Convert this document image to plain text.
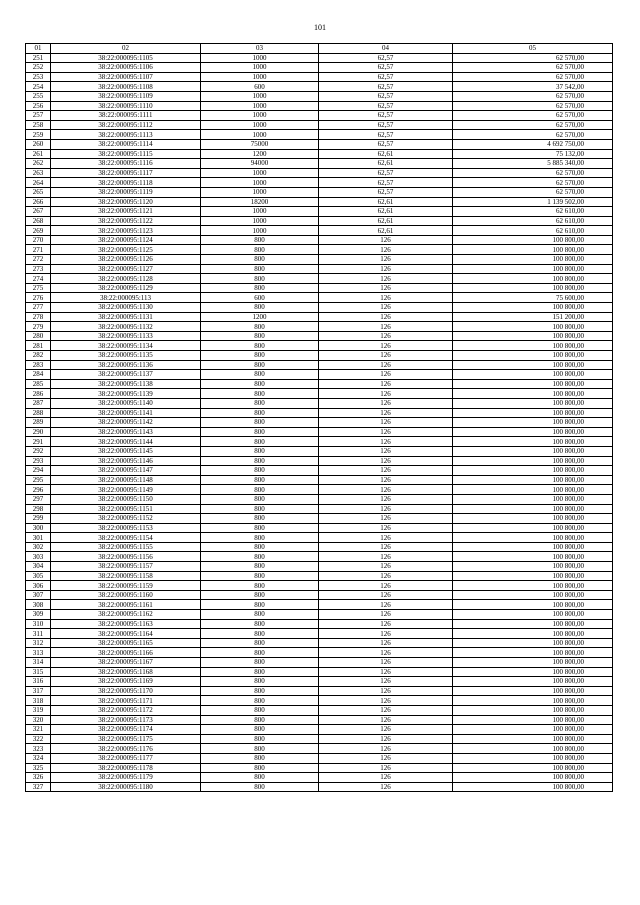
101
01	02	03	04	05
251	38:22:000095:1105	1000	62,57	62 570,00
252	38:22:000095:1106	1000	62,57	62 570,00
253	38:22:000095:1107	1000	62,57	62 570,00
254	38:22:000095:1108	600	62,57	37 542,00
255	38:22:000095:1109	1000	62,57	62 570,00
256	38:22:000095:1110	1000	62,57	62 570,00
257	38:22:000095:1111	1000	62,57	62 570,00
258	38:22:000095:1112	1000	62,57	62 570,00
259	38:22:000095:1113	1000	62,57	62 570,00
260	38:22:000095:1114	75000	62,57	4 692 750,00
261	38:22:000095:1115	1200	62,61	75 132,00
262	38:22:000095:1116	94000	62,61	5 885 340,00
263	38:22:000095:1117	1000	62,57	62 570,00
264	38:22:000095:1118	1000	62,57	62 570,00
265	38:22:000095:1119	1000	62,57	62 570,00
266	38:22:000095:1120	18200	62,61	1 139 502,00
267	38:22:000095:1121	1000	62,61	62 610,00
268	38:22:000095:1122	1000	62,61	62 610,00
269	38:22:000095:1123	1000	62,61	62 610,00
270	38:22:000095:1124	800	126	100 800,00
271	38:22:000095:1125	800	126	100 800,00
272	38:22:000095:1126	800	126	100 800,00
273	38:22:000095:1127	800	126	100 800,00
274	38:22:000095:1128	800	126	100 800,00
275	38:22:000095:1129	800	126	100 800,00
276	38:22:000095:113	600	126	75 600,00
277	38:22:000095:1130	800	126	100 800,00
278	38:22:000095:1131	1200	126	151 200,00
279	38:22:000095:1132	800	126	100 800,00
280	38:22:000095:1133	800	126	100 800,00
281	38:22:000095:1134	800	126	100 800,00
282	38:22:000095:1135	800	126	100 800,00
283	38:22:000095:1136	800	126	100 800,00
284	38:22:000095:1137	800	126	100 800,00
285	38:22:000095:1138	800	126	100 800,00
286	38:22:000095:1139	800	126	100 800,00
287	38:22:000095:1140	800	126	100 800,00
288	38:22:000095:1141	800	126	100 800,00
289	38:22:000095:1142	800	126	100 800,00
290	38:22:000095:1143	800	126	100 800,00
291	38:22:000095:1144	800	126	100 800,00
292	38:22:000095:1145	800	126	100 800,00
293	38:22:000095:1146	800	126	100 800,00
294	38:22:000095:1147	800	126	100 800,00
295	38:22:000095:1148	800	126	100 800,00
296	38:22:000095:1149	800	126	100 800,00
297	38:22:000095:1150	800	126	100 800,00
298	38:22:000095:1151	800	126	100 800,00
299	38:22:000095:1152	800	126	100 800,00
300	38:22:000095:1153	800	126	100 800,00
301	38:22:000095:1154	800	126	100 800,00
302	38:22:000095:1155	800	126	100 800,00
303	38:22:000095:1156	800	126	100 800,00
304	38:22:000095:1157	800	126	100 800,00
305	38:22:000095:1158	800	126	100 800,00
306	38:22:000095:1159	800	126	100 800,00
307	38:22:000095:1160	800	126	100 800,00
308	38:22:000095:1161	800	126	100 800,00
309	38:22:000095:1162	800	126	100 800,00
310	38:22:000095:1163	800	126	100 800,00
311	38:22:000095:1164	800	126	100 800,00
312	38:22:000095:1165	800	126	100 800,00
313	38:22:000095:1166	800	126	100 800,00
314	38:22:000095:1167	800	126	100 800,00
315	38:22:000095:1168	800	126	100 800,00
316	38:22:000095:1169	800	126	100 800,00
317	38:22:000095:1170	800	126	100 800,00
318	38:22:000095:1171	800	126	100 800,00
319	38:22:000095:1172	800	126	100 800,00
320	38:22:000095:1173	800	126	100 800,00
321	38:22:000095:1174	800	126	100 800,00
322	38:22:000095:1175	800	126	100 800,00
323	38:22:000095:1176	800	126	100 800,00
324	38:22:000095:1177	800	126	100 800,00
325	38:22:000095:1178	800	126	100 800,00
326	38:22:000095:1179	800	126	100 800,00
327	38:22:000095:1180	800	126	100 800,00
